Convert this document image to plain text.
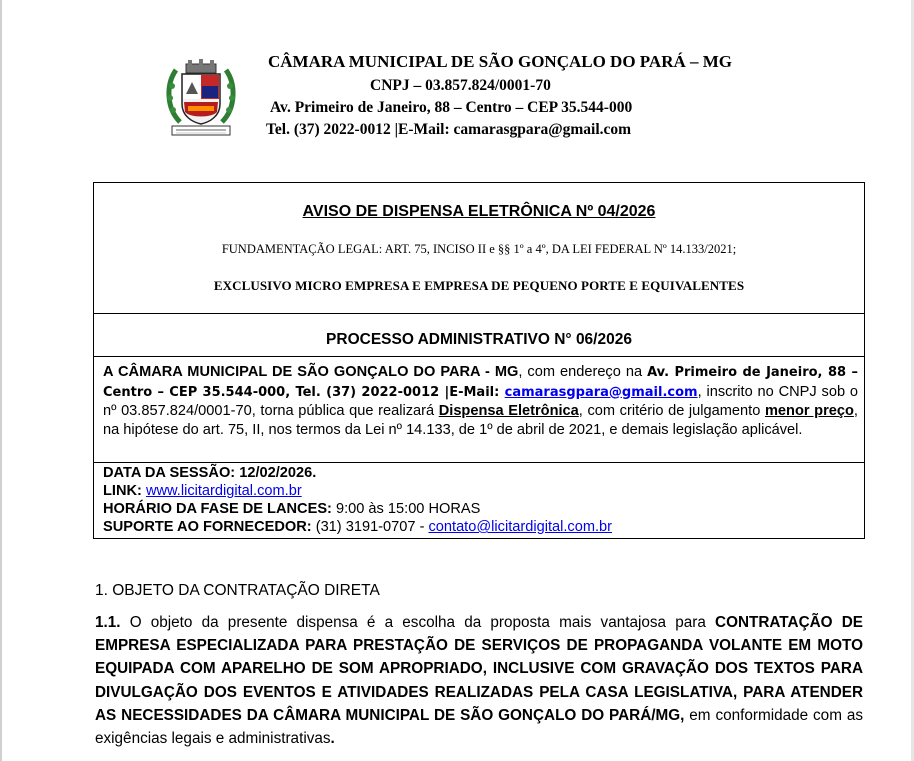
CÂMARA MUNICIPAL DE SÃO GONÇALO DO PARÁ – MG
CNPJ – 03.857.824/0001-70
Av. Primeiro de Janeiro, 88 – Centro – CEP 35.544-000
Tel. (37) 2022-0012 |E-Mail: camarasgpara@gmail.com
AVISO DE DISPENSA ELETRÔNICA Nº 04/2026
FUNDAMENTAÇÃO LEGAL: ART. 75, INCISO II e §§ 1º a 4º, DA LEI FEDERAL Nº 14.133/2021;
EXCLUSIVO MICRO EMPRESA E EMPRESA DE PEQUENO PORTE E EQUIVALENTES
PROCESSO ADMINISTRATIVO N° 06/2026
A CÂMARA MUNICIPAL DE SÃO GONÇALO DO PARA - MG, com endereço na Av. Primeiro de Janeiro, 88 – Centro – CEP 35.544-000, Tel. (37) 2022-0012 |E-Mail: camarasgpara@gmail.com, inscrito no CNPJ sob o nº 03.857.824/0001-70, torna pública que realizará Dispensa Eletrônica, com critério de julgamento menor preço, na hipótese do art. 75, II, nos termos da Lei nº 14.133, de 1º de abril de 2021, e demais legislação aplicável.
DATA DA SESSÃO: 12/02/2026.
LINK: www.licitardigital.com.br
HORÁRIO DA FASE DE LANCES: 9:00 às 15:00 HORAS
SUPORTE AO FORNECEDOR: (31) 3191-0707 - contato@licitardigital.com.br
1. OBJETO DA CONTRATAÇÃO DIRETA
1.1. O objeto da presente dispensa é a escolha da proposta mais vantajosa para CONTRATAÇÃO DE EMPRESA ESPECIALIZADA PARA PRESTAÇÃO DE SERVIÇOS DE PROPAGANDA VOLANTE EM MOTO EQUIPADA COM APARELHO DE SOM APROPRIADO, INCLUSIVE COM GRAVAÇÃO DOS TEXTOS PARA DIVULGAÇÃO DOS EVENTOS E ATIVIDADES REALIZADAS PELA CASA LEGISLATIVA, PARA ATENDER AS NECESSIDADES DA CÂMARA MUNICIPAL DE SÃO GONÇALO DO PARÁ/MG, em conformidade com as exigências legais e administrativas.
